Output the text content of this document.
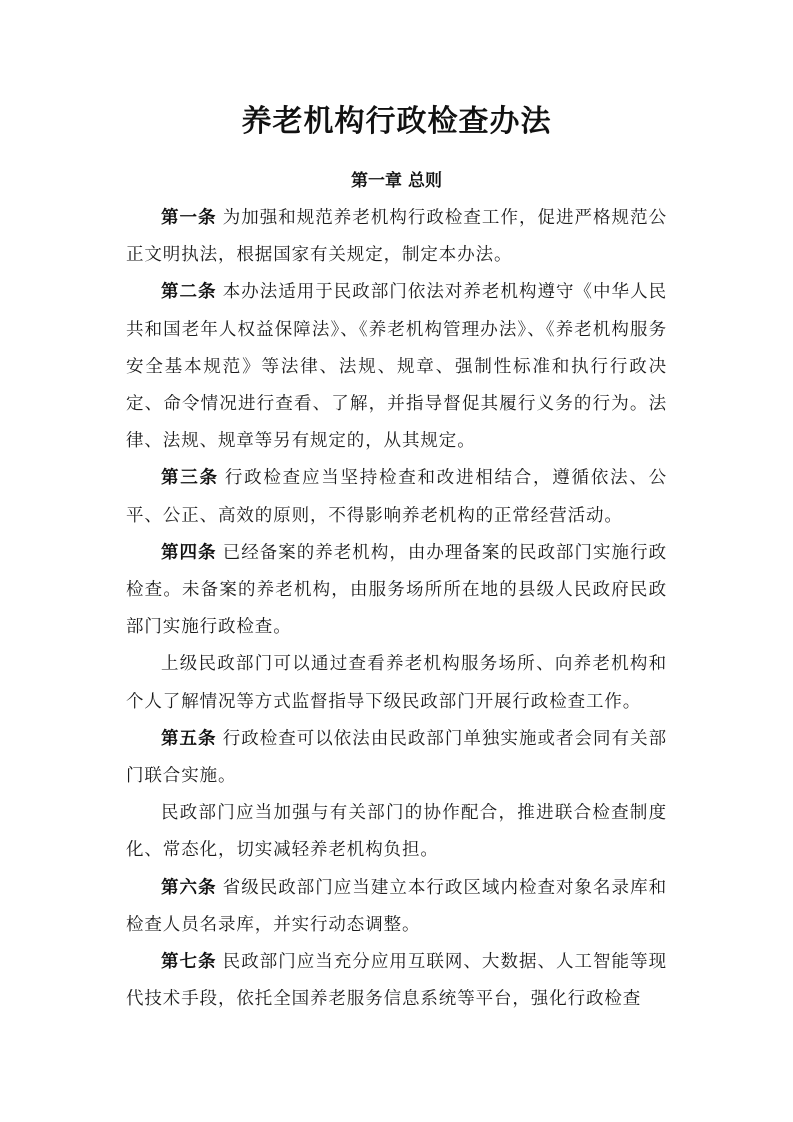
养老机构行政检查办法
第一章 总则

第一条 为加强和规范养老机构行政检查工作，促进严格规范公正文明执法，根据国家有关规定，制定本办法。

第二条 本办法适用于民政部门依法对养老机构遵守《中华人民共和国老年人权益保障法》、《养老机构管理办法》、《养老机构服务安全基本规范》等法律、法规、规章、强制性标准和执行行政决定、命令情况进行查看、了解，并指导督促其履行义务的行为。法律、法规、规章等另有规定的，从其规定。

第三条 行政检查应当坚持检查和改进相结合，遵循依法、公平、公正、高效的原则，不得影响养老机构的正常经营活动。

第四条 已经备案的养老机构，由办理备案的民政部门实施行政检查。未备案的养老机构，由服务场所所在地的县级人民政府民政部门实施行政检查。

上级民政部门可以通过查看养老机构服务场所、向养老机构和个人了解情况等方式监督指导下级民政部门开展行政检查工作。

第五条 行政检查可以依法由民政部门单独实施或者会同有关部门联合实施。

民政部门应当加强与有关部门的协作配合，推进联合检查制度化、常态化，切实减轻养老机构负担。

第六条 省级民政部门应当建立本行政区域内检查对象名录库和检查人员名录库，并实行动态调整。

第七条 民政部门应当充分应用互联网、大数据、人工智能等现代技术手段，依托全国养老服务信息系统等平台，强化行政检查
